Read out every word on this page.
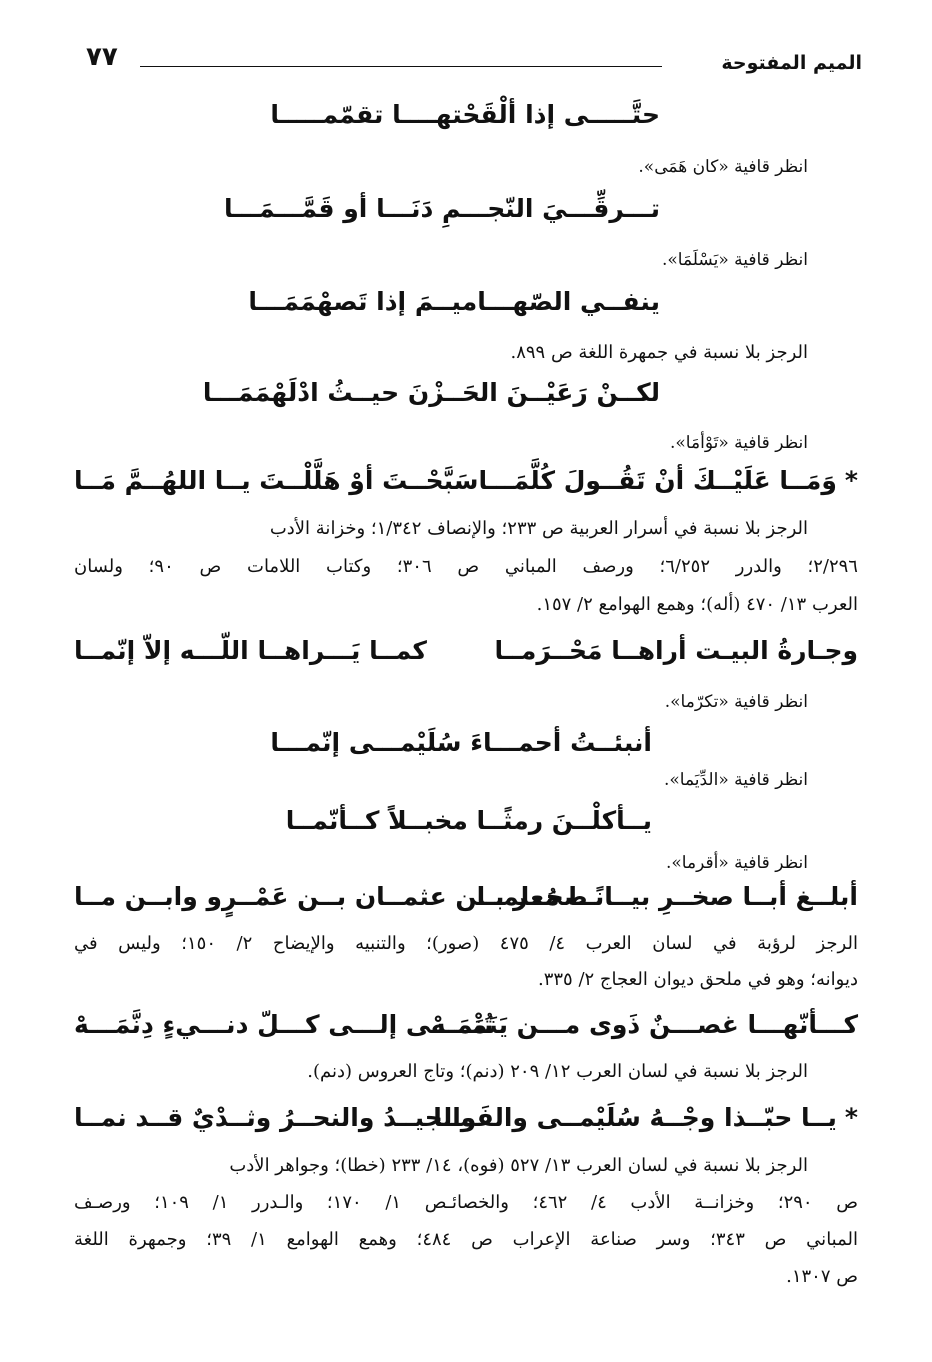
٧٧	الميم المفتوحة
حتَّـــــى إذا ألْقَحْتهــــا تقمّمـــــا
انظر قافية «كان هَمَى».
تـــرقِّـــيَ النّجـــمِ دَنَـــا أو قَمَّـــمَـــا
انظر قافية «يَسْلَمَا».
ينفــي الصّهـــاميــمَ إذا تَصهْمَمَـــا
الرجز بلا نسبة في جمهرة اللغة ص ٨٩٩.
لكــنْ رَعَيْــنَ الحَــزْنَ حيــثُ ادْلَهْمَمَـــا
انظر قافية «تَوْأمَا».
*وَمَــا عَلَيْــكَ أنْ تَقُــولَ كُلَّمَـــا
سَبَّحْــتَ أوْ هَلَّلْــتَ يــا اللهُــمَّ مَــا
الرجز بلا نسبة في أسرار العربية ص ٢٣٣؛ والإنصاف ١/٣٤٢؛ وخزانة الأدب
٢/٢٩٦؛ والدرر ٦/٢٥٢؛ ورصف المباني ص ٣٠٦؛ وكتاب اللامات ص ٩٠؛ ولسان
العرب ١٣/ ٤٧٠ (أله)؛ وهمع الهوامع ٢/ ١٥٧.
وجـارةُ البيـت أراهــا مَحْــرَمــا
كمــا يَـــراهــا اللّـــه إلاّ إنّمــا
انظر قافية «تكرّما».
أنبئــتُ أحمـــاءَ سُلَيْمـــى إنّمـــا
انظر قافية «الدِّيَما».
يــأكلْــنَ رمثًــا مخبــلاً كــأنّمــا
انظر قافية «أقرما».
أبلــغ أبــا صخــرِ بيــانًــا مُعلمــا
صخــر بــن عثمــان بــن عَمْــرٍو وابــن مــا
الرجز لرؤبة في لسان العرب ٤/ ٤٧٥ (صور)؛ والتنبيه والإيضاح ٢/ ١٥٠؛ وليس في
ديوانه؛ وهو في ملحق ديوان العجاج ٢/ ٣٣٥.
كـــأنّهـــا غصـــنٌ ذَوى مـــن يَنَمَـــهْ
تُنْمَـــى إلـــى كـــلّ دنـــيءٍ دِنَّمَـــهْ
الرجز بلا نسبة في لسان العرب ١٢/ ٢٠٩ (دنم)؛ وتاج العروس (دنم).
*يــا حبّــذا وجْــهُ سُلَيْمــى والفَمــا
والجيــدُ والنحــرُ وثــدْيٌ قــد نمــا
الرجز بلا نسبة في لسان العرب ١٣/ ٥٢٧ (فوه)، ١٤/ ٢٣٣ (خطا)؛ وجواهر الأدب
ص ٢٩٠؛ وخزانــة الأدب ٤/ ٤٦٢؛ والخصائـص ١/ ١٧٠؛ والـدرر ١/ ١٠٩؛ ورصـف
المباني ص ٣٤٣؛ وسر صناعة الإعراب ص ٤٨٤؛ وهمع الهوامع ١/ ٣٩؛ وجمهرة اللغة
ص ١٣٠٧.
